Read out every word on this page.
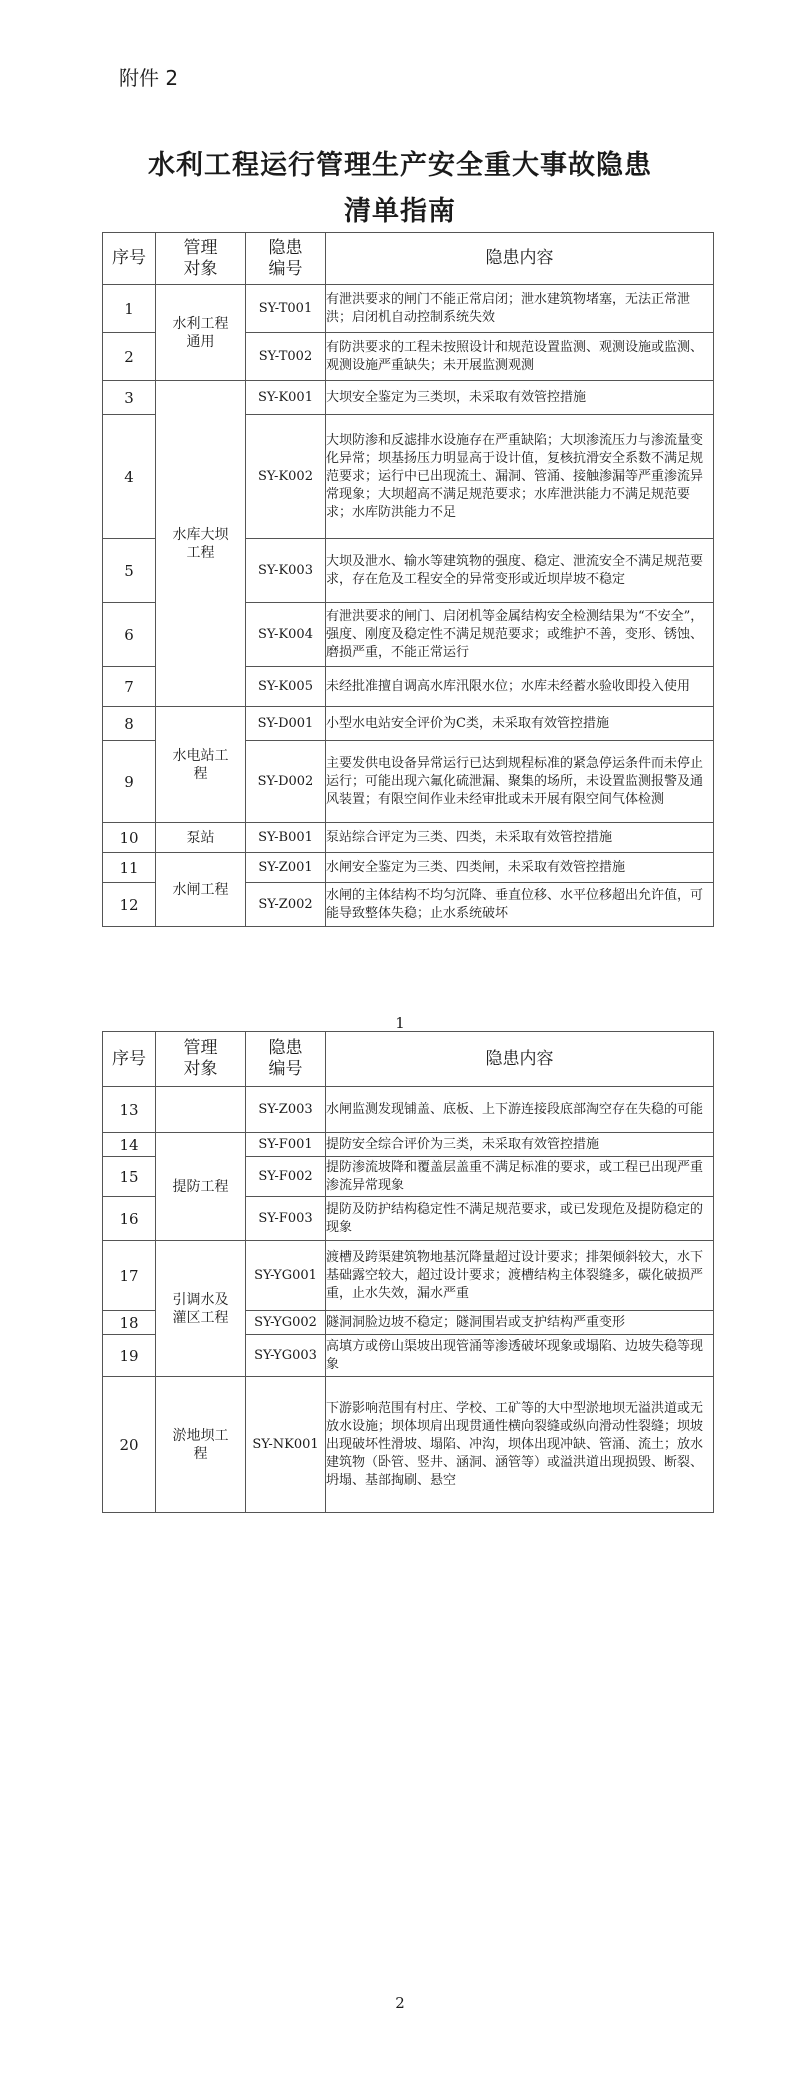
附件 2
水利工程运行管理生产安全重大事故隐患
清单指南
序号	管理对象	隐患编号	隐患内容
1	水利工程通用	SY-T001	有泄洪要求的闸门不能正常启闭；泄水建筑物堵塞，无法正常泄洪；启闭机自动控制系统失效
2		SY-T002	有防洪要求的工程未按照设计和规范设置监测、观测设施或监测、观测设施严重缺失；未开展监测观测
3	水库大坝工程	SY-K001	大坝安全鉴定为三类坝，未采取有效管控措施
4		SY-K002	大坝防渗和反滤排水设施存在严重缺陷；大坝渗流压力与渗流量变化异常；坝基扬压力明显高于设计值，复核抗滑安全系数不满足规范要求；运行中已出现流土、漏洞、管涌、接触渗漏等严重渗流异常现象；大坝超高不满足规范要求；水库泄洪能力不满足规范要求；水库防洪能力不足
5		SY-K003	大坝及泄水、输水等建筑物的强度、稳定、泄流安全不满足规范要求，存在危及工程安全的异常变形或近坝岸坡不稳定
6		SY-K004	有泄洪要求的闸门、启闭机等金属结构安全检测结果为“不安全”，强度、刚度及稳定性不满足规范要求；或维护不善，变形、锈蚀、磨损严重，不能正常运行
7		SY-K005	未经批准擅自调高水库汛限水位；水库未经蓄水验收即投入使用
8	水电站工程	SY-D001	小型水电站安全评价为C类，未采取有效管控措施
9		SY-D002	主要发供电设备异常运行已达到规程标准的紧急停运条件而未停止运行；可能出现六氟化硫泄漏、聚集的场所，未设置监测报警及通风装置；有限空间作业未经审批或未开展有限空间气体检测
10	泵站	SY-B001	泵站综合评定为三类、四类，未采取有效管控措施
11	水闸工程	SY-Z001	水闸安全鉴定为三类、四类闸，未采取有效管控措施
12		SY-Z002	水闸的主体结构不均匀沉降、垂直位移、水平位移超出允许值，可能导致整体失稳；止水系统破坏
1
序号	管理对象	隐患编号	隐患内容
13		SY-Z003	水闸监测发现铺盖、底板、上下游连接段底部淘空存在失稳的可能
14	提防工程	SY-F001	提防安全综合评价为三类，未采取有效管控措施
15		SY-F002	提防渗流坡降和覆盖层盖重不满足标准的要求，或工程已出现严重渗流异常现象
16		SY-F003	提防及防护结构稳定性不满足规范要求，或已发现危及提防稳定的现象
17	引调水及灌区工程	SY-YG001	渡槽及跨渠建筑物地基沉降量超过设计要求；排架倾斜较大，水下基础露空较大，超过设计要求；渡槽结构主体裂缝多，碳化破损严重，止水失效，漏水严重
18		SY-YG002	隧洞洞脸边坡不稳定；隧洞围岩或支护结构严重变形
19		SY-YG003	高填方或傍山渠坡出现管涌等渗透破坏现象或塌陷、边坡失稳等现象
20	淤地坝工程	SY-NK001	下游影响范围有村庄、学校、工矿等的大中型淤地坝无溢洪道或无放水设施；坝体坝肩出现贯通性横向裂缝或纵向滑动性裂缝；坝坡出现破坏性滑坡、塌陷、冲沟，坝体出现冲缺、管涌、流土；放水建筑物（卧管、竖井、涵洞、涵管等）或溢洪道出现损毁、断裂、坍塌、基部掏刷、悬空
2
